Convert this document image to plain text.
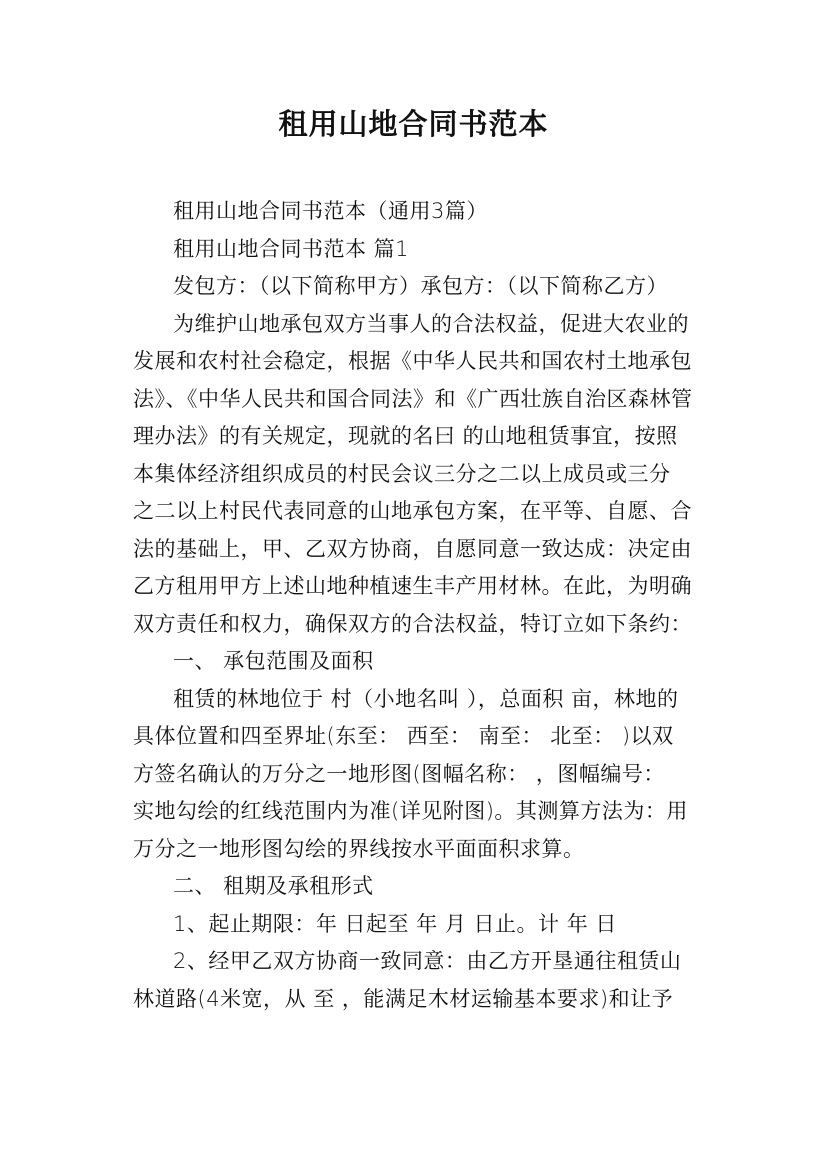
租用山地合同书范本
租用山地合同书范本（通用3篇）
租用山地合同书范本 篇1
发包方：（以下简称甲方）承包方：（以下简称乙方）
为维护山地承包双方当事人的合法权益，促进大农业的
发展和农村社会稳定，根据《中华人民共和国农村土地承包
法》、《中华人民共和国合同法》和《广西壮族自治区森林管
理办法》的有关规定，现就的名曰 的山地租赁事宜，按照
本集体经济组织成员的村民会议三分之二以上成员或三分
之二以上村民代表同意的山地承包方案，在平等、自愿、合
法的基础上，甲、乙双方协商，自愿同意一致达成：决定由
乙方租用甲方上述山地种植速生丰产用材林。在此，为明确
双方责任和权力，确保双方的合法权益，特订立如下条约：
一、 承包范围及面积
租赁的林地位于 村（小地名叫 ），总面积 亩，林地的
具体位置和四至界址(东至： 西至： 南至： 北至： )以双
方签名确认的万分之一地形图(图幅名称： ，图幅编号：
实地勾绘的红线范围内为准(详见附图)。其测算方法为：用
万分之一地形图勾绘的界线按水平面面积求算。
二、 租期及承租形式
1、起止期限：年 日起至 年 月 日止。计 年 日
2、经甲乙双方协商一致同意：由乙方开垦通往租赁山
林道路(4米宽，从 至 ，能满足木材运输基本要求)和让予
